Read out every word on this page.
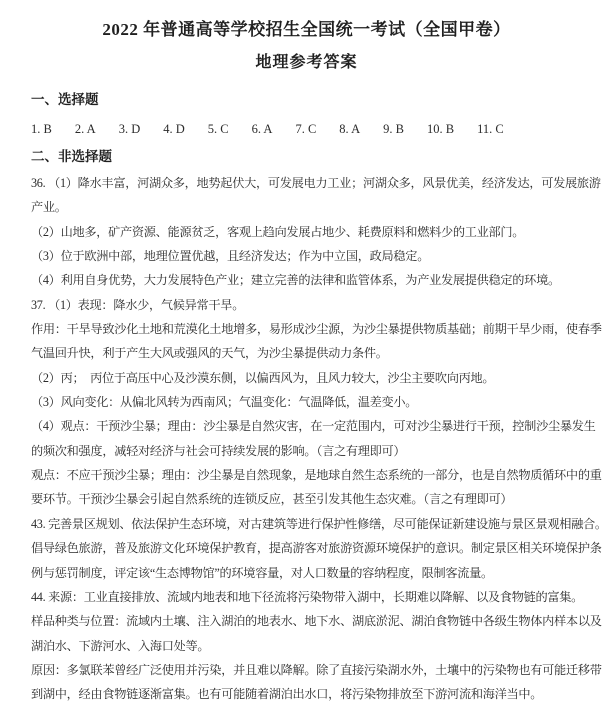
2022 年普通高等学校招生全国统一考试（全国甲卷）
地理参考答案
一、选择题
1. B 2. A 3. D 4. D 5. C 6. A 7. C 8. A 9. B 10. B 11. C
二、非选择题

36. （1）降水丰富，河湖众多，地势起伏大，可发展电力工业；河湖众多，风景优美，经济发达，可发展旅游

产业。

（2）山地多，矿产资源、能源贫乏，客观上趋向发展占地少、耗费原料和燃料少的工业部门。

（3）位于欧洲中部，地理位置优越，且经济发达；作为中立国，政局稳定。

（4）利用自身优势，大力发展特色产业；建立完善的法律和监管体系，为产业发展提供稳定的环境。

37. （1）表现：降水少，气候异常干旱。

作用：干旱导致沙化土地和荒漠化土地增多，易形成沙尘源，为沙尘暴提供物质基础；前期干旱少雨，使春季

气温回升快，利于产生大风或强风的天气，为沙尘暴提供动力条件。

（2）丙；　丙位于高压中心及沙漠东侧，以偏西风为，且风力较大，沙尘主要吹向丙地。

（3）风向变化：从偏北风转为西南风；气温变化：气温降低，温差变小。

（4）观点：干预沙尘暴；理由：沙尘暴是自然灾害，在一定范围内，可对沙尘暴进行干预，控制沙尘暴发生

的频次和强度，减轻对经济与社会可持续发展的影响。（言之有理即可）

观点：不应干预沙尘暴；理由：沙尘暴是自然现象，是地球自然生态系统的一部分，也是自然物质循环中的重

要环节。干预沙尘暴会引起自然系统的连锁反应，甚至引发其他生态灾难。（言之有理即可）

43. 完善景区规划、依法保护生态环境，对古建筑等进行保护性修缮，尽可能保证新建设施与景区景观相融合。

倡导绿色旅游，普及旅游文化环境保护教育，提高游客对旅游资源环境保护的意识。制定景区相关环境保护条

例与惩罚制度，评定该“生态博物馆”的环境容量，对人口数量的容纳程度，限制客流量。

44. 来源：工业直接排放、流域内地表和地下径流将污染物带入湖中，长期难以降解、以及食物链的富集。

样品种类与位置：流域内土壤、注入湖泊的地表水、地下水、湖底淤泥、湖泊食物链中各级生物体内样本以及

湖泊水、下游河水、入海口处等。

原因：多氯联苯曾经广泛使用并污染，并且难以降解。除了直接污染湖水外，土壤中的污染物也有可能迁移带

到湖中，经由食物链逐渐富集。也有可能随着湖泊出水口，将污染物排放至下游河流和海洋当中。
